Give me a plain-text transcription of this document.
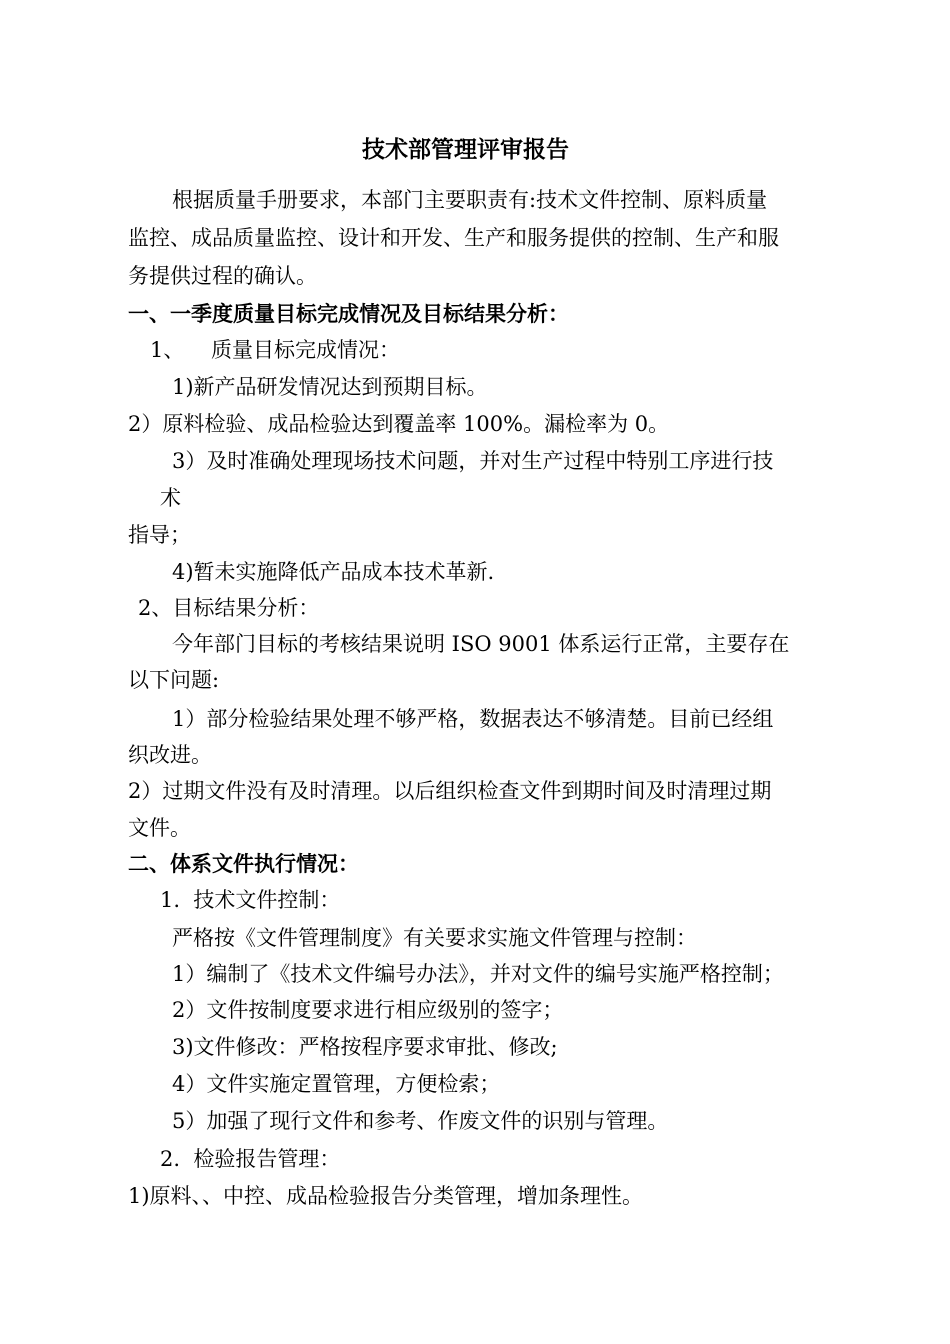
技术部管理评审报告
根据质量手册要求，本部门主要职责有:技术文件控制、原料质量
监控、成品质量监控、设计和开发、生产和服务提供的控制、生产和服
务提供过程的确认。
一、一季度质量目标完成情况及目标结果分析：
1、    质量目标完成情况：
1)新产品研发情况达到预期目标。
2）原料检验、成品检验达到覆盖率 100%。漏检率为 0。
3）及时准确处理现场技术问题，并对生产过程中特别工序进行技
术
指导；
4)暂未实施降低产品成本技术革新.
2、目标结果分析：
今年部门目标的考核结果说明 ISO 9001 体系运行正常，主要存在
以下问题:
1）部分检验结果处理不够严格，数据表达不够清楚。目前已经组
织改进。
2）过期文件没有及时清理。以后组织检查文件到期时间及时清理过期
文件。
二、体系文件执行情况：
1.  技术文件控制：
严格按《文件管理制度》有关要求实施文件管理与控制：
1）编制了《技术文件编号办法》，并对文件的编号实施严格控制；
2）文件按制度要求进行相应级别的签字；
3)文件修改：严格按程序要求审批、修改;
4）文件实施定置管理，方便检索；
5）加强了现行文件和参考、作废文件的识别与管理。
2.  检验报告管理：
1)原料、、中控、成品检验报告分类管理，增加条理性。
